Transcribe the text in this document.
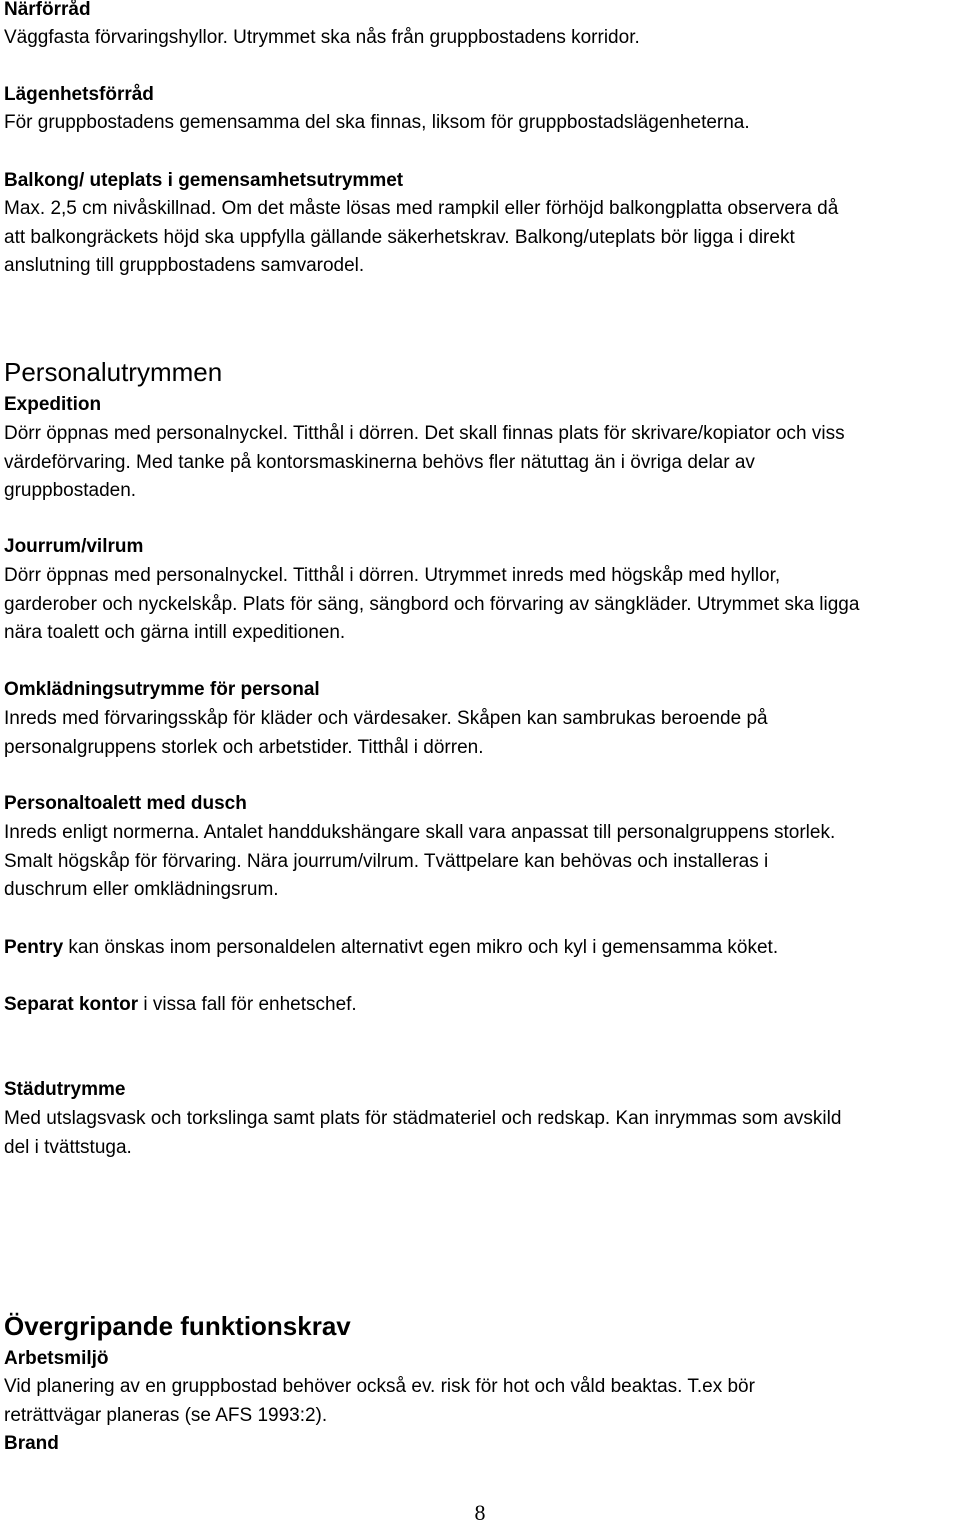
Närförråd
Väggfasta förvaringshyllor. Utrymmet ska nås från gruppbostadens korridor.
Lägenhetsförråd
För gruppbostadens gemensamma del ska finnas, liksom för gruppbostadslägenheterna.
Balkong/ uteplats i gemensamhetsutrymmet
Max. 2,5 cm nivåskillnad. Om det måste lösas med rampkil eller förhöjd balkongplatta observera då
att balkongräckets höjd ska uppfylla gällande säkerhetskrav. Balkong/uteplats bör ligga i direkt
anslutning till gruppbostadens samvarodel.
Personalutrymmen
Expedition
Dörr öppnas med personalnyckel. Titthål i dörren. Det skall finnas plats för skrivare/kopiator och viss
värdeförvaring. Med tanke på kontorsmaskinerna behövs fler nätuttag än i övriga delar av
gruppbostaden.
Jourrum/vilrum
Dörr öppnas med personalnyckel. Titthål i dörren. Utrymmet inreds med högskåp med hyllor,
garderober och nyckelskåp. Plats för säng, sängbord och förvaring av sängkläder. Utrymmet ska ligga
nära toalett och gärna intill expeditionen.
Omklädningsutrymme för personal
Inreds med förvaringsskåp för kläder och värdesaker. Skåpen kan sambrukas beroende på
personalgruppens storlek och arbetstider. Titthål i dörren.
Personaltoalett med dusch
Inreds enligt normerna. Antalet handdukshängare skall vara anpassat till personalgruppens storlek.
Smalt högskåp för förvaring. Nära jourrum/vilrum. Tvättpelare kan behövas och installeras i
duschrum eller omklädningsrum.
Pentry kan önskas inom personaldelen alternativt egen mikro och kyl i gemensamma köket.
Separat kontor i vissa fall för enhetschef.
Städutrymme
Med utslagsvask och torkslinga samt plats för städmateriel och redskap. Kan inrymmas som avskild
del i tvättstuga.
Övergripande funktionskrav
Arbetsmiljö
Vid planering av en gruppbostad behöver också ev. risk för hot och våld beaktas. T.ex bör
reträttvägar planeras (se AFS 1993:2).
Brand
8
